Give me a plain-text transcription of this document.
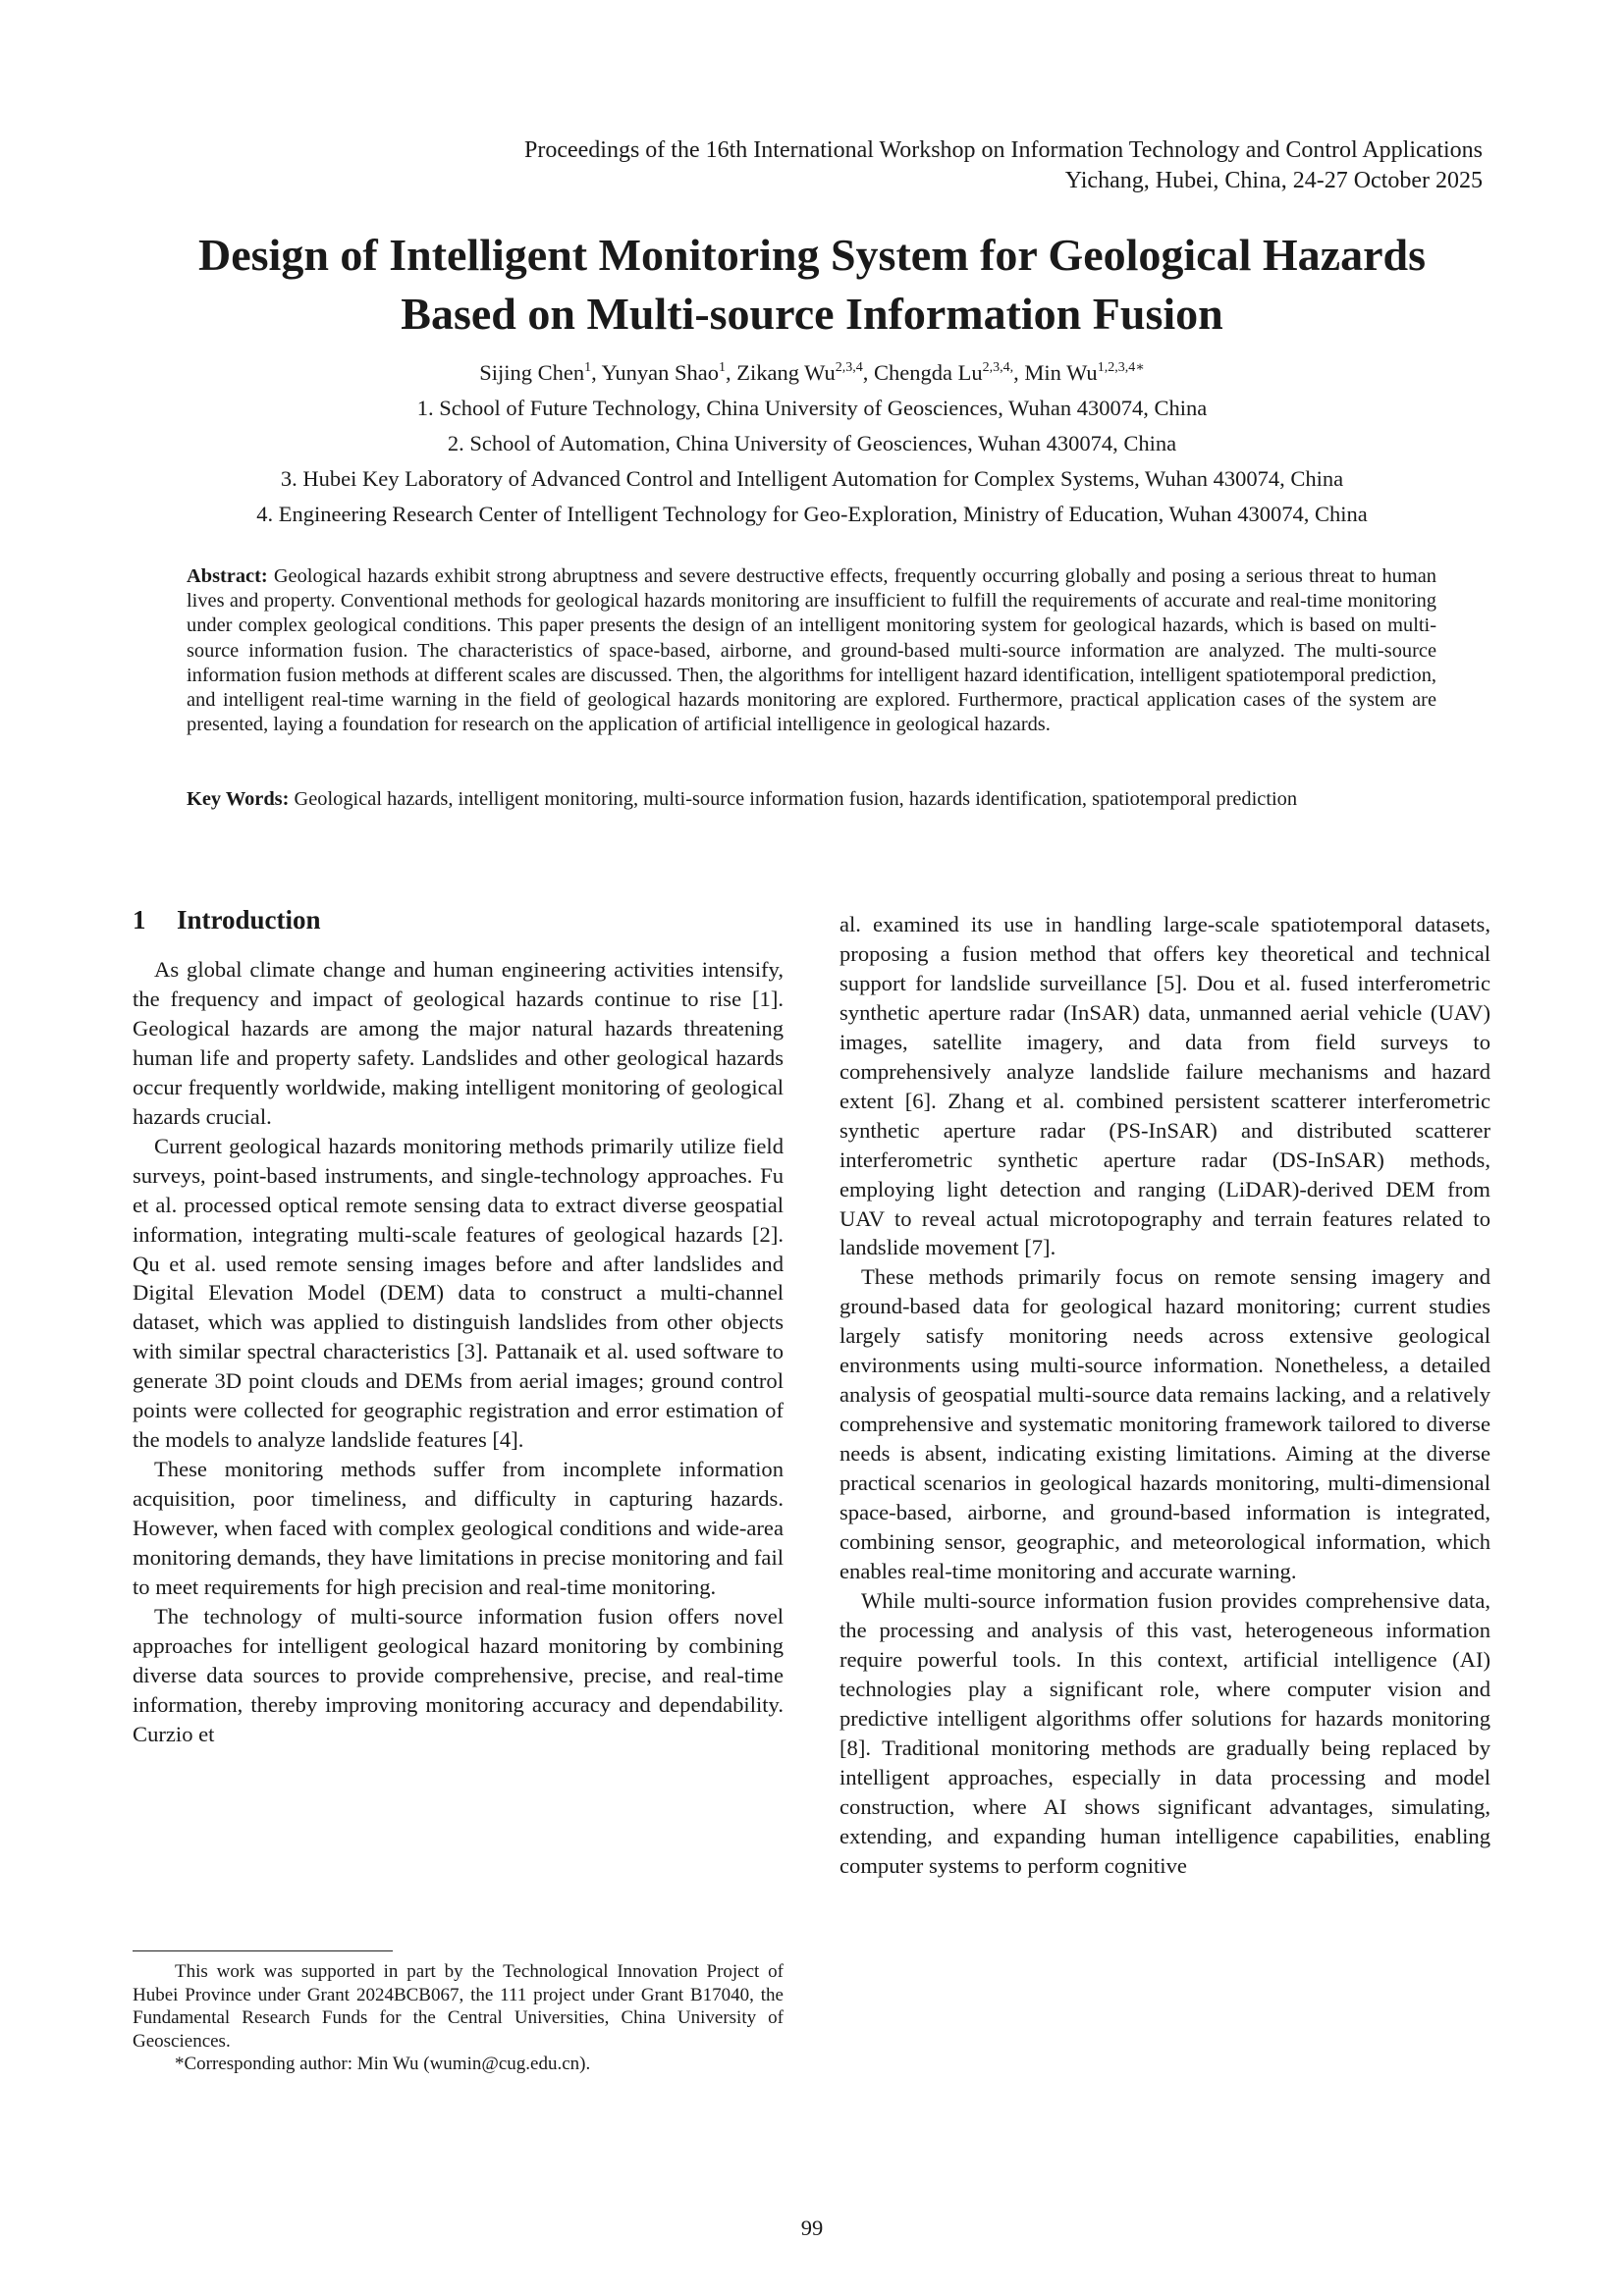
Proceedings of the 16th International Workshop on Information Technology and Control Applications
Yichang, Hubei, China, 24-27 October 2025
Design of Intelligent Monitoring System for Geological Hazards
Based on Multi-source Information Fusion
Sijing Chen$^1$, Yunyan Shao$^1$, Zikang Wu$^{2,3,4}$, Chengda $Lu^{2,3,4,}$, Min $Wu^{1,2,3,4∗}$
1. School of Future Technology, China University of Geosciences, Wuhan 430074, China
2. School of Automation, China University of Geosciences, Wuhan 430074, China
3. Hubei Key Laboratory of Advanced Control and Intelligent Automation for Complex Systems, Wuhan 430074, China
4. Engineering Research Center of Intelligent Technology for Geo-Exploration, Ministry of Education, Wuhan 430074, China
Abstract: Geological hazards exhibit strong abruptness and severe destructive effects, frequently occurring globally and posing a serious threat to human lives and property. Conventional methods for geological hazards monitoring are insufficient to fulfill the requirements of accurate and real-time monitoring under complex geological conditions. This paper presents the design of an intelligent monitoring system for geological hazards, which is based on multi-source information fusion. The characteristics of space-based, airborne, and ground-based multi-source information are analyzed. The multi-source information fusion methods at different scales are discussed. Then, the algorithms for intelligent hazard identification, intelligent spatiotemporal prediction, and intelligent real-time warning in the field of geological hazards monitoring are explored. Furthermore, practical application cases of the system are presented, laying a foundation for research on the application of artificial intelligence in geological hazards.
Key Words: Geological hazards, intelligent monitoring, multi-source information fusion, hazards identification, spatiotemporal prediction
1 Introduction

As global climate change and human engineering activities intensify, the frequency and impact of geological hazards continue to rise [1]. Geological hazards are among the major natural hazards threatening human life and property safety. Landslides and other geological hazards occur frequently worldwide, making intelligent monitoring of geological hazards crucial.

Current geological hazards monitoring methods primarily utilize field surveys, point-based instruments, and single-technology approaches. Fu et al. processed optical remote sensing data to extract diverse geospatial information, integrating multi-scale features of geological hazards [2]. Qu et al. used remote sensing images before and after landslides and Digital Elevation Model (DEM) data to construct a multi-channel dataset, which was applied to distinguish landslides from other objects with similar spectral characteristics [3]. Pattanaik et al. used software to generate 3D point clouds and DEMs from aerial images; ground control points were collected for geographic registration and error estimation of the models to analyze landslide features [4].

These monitoring methods suffer from incomplete information acquisition, poor timeliness, and difficulty in capturing hazards. However, when faced with complex geological conditions and wide-area monitoring demands, they have limitations in precise monitoring and fail to meet requirements for high precision and real-time monitoring.

The technology of multi-source information fusion offers novel approaches for intelligent geological hazard monitoring by combining diverse data sources to provide comprehensive, precise, and real-time information, thereby improving monitoring accuracy and dependability. Curzio et

al. examined its use in handling large-scale spatiotemporal datasets, proposing a fusion method that offers key theoretical and technical support for landslide surveillance [5]. Dou et al. fused interferometric synthetic aperture radar (InSAR) data, unmanned aerial vehicle (UAV) images, satellite imagery, and data from field surveys to comprehensively analyze landslide failure mechanisms and hazard extent [6]. Zhang et al. combined persistent scatterer interferometric synthetic aperture radar (PS-InSAR) and distributed scatterer interferometric synthetic aperture radar (DS-InSAR) methods, employing light detection and ranging (LiDAR)-derived DEM from UAV to reveal actual microtopography and terrain features related to landslide movement [7].

These methods primarily focus on remote sensing imagery and ground-based data for geological hazard monitoring; current studies largely satisfy monitoring needs across extensive geological environments using multi-source information. Nonetheless, a detailed analysis of geospatial multi-source data remains lacking, and a relatively comprehensive and systematic monitoring framework tailored to diverse needs is absent, indicating existing limitations. Aiming at the diverse practical scenarios in geological hazards monitoring, multi-dimensional space-based, airborne, and ground-based information is integrated, combining sensor, geographic, and meteorological information, which enables real-time monitoring and accurate warning.

While multi-source information fusion provides comprehensive data, the processing and analysis of this vast, heterogeneous information require powerful tools. In this context, artificial intelligence (AI) technologies play a significant role, where computer vision and predictive intelligent algorithms offer solutions for hazards monitoring [8]. Traditional monitoring methods are gradually being replaced by intelligent approaches, especially in data processing and model construction, where AI shows significant advantages, simulating, extending, and expanding human intelligence capabilities, enabling computer systems to perform cognitive

This work was supported in part by the Technological Innovation Project of Hubei Province under Grant 2024BCB067, the 111 project under Grant B17040, the Fundamental Research Funds for the Central Universities, China University of Geosciences.

*Corresponding author: Min Wu (wumin@cug.edu.cn).

99
